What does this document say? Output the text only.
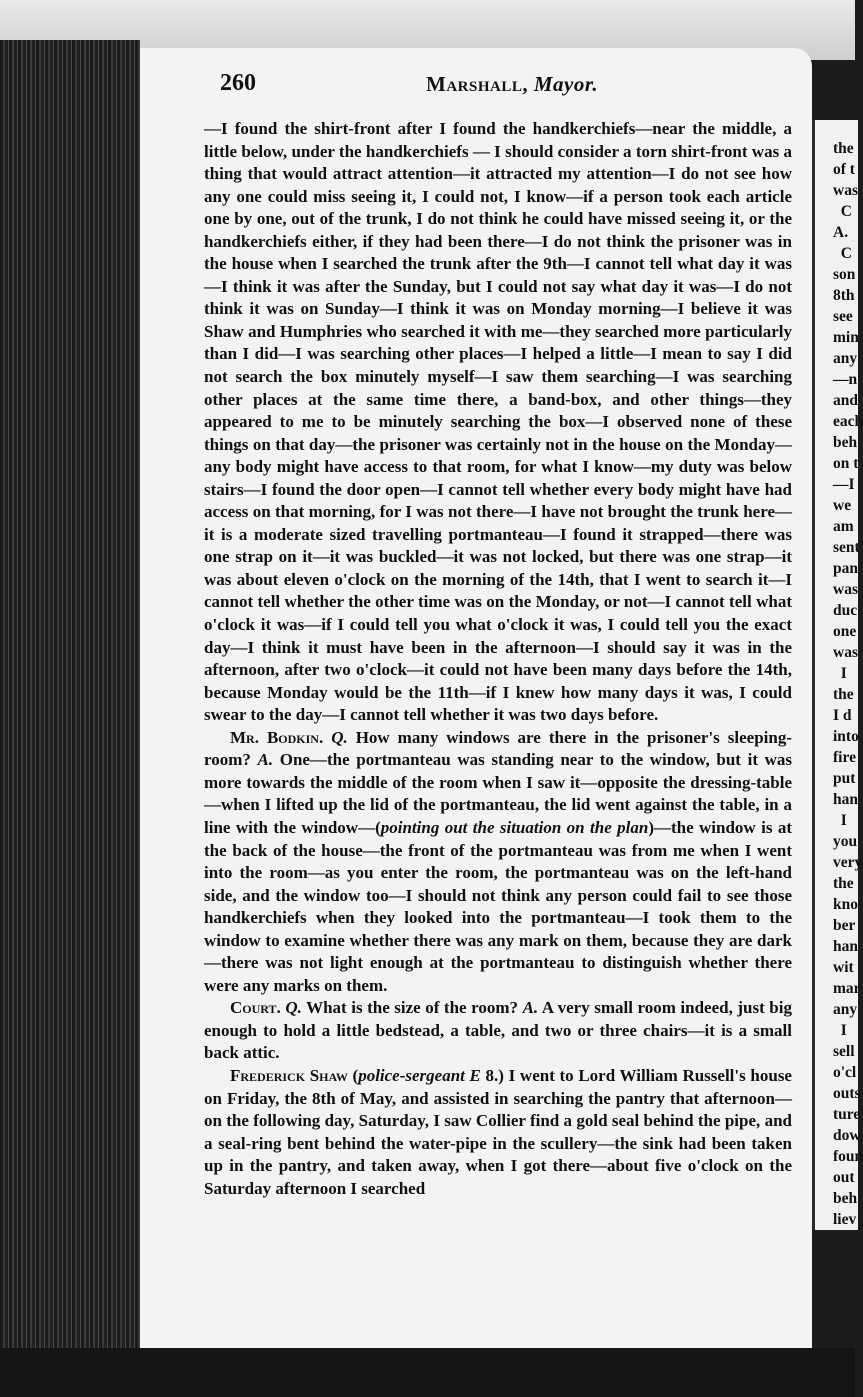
the
of t
was
C
A.
C
son
8th
see
min
any
—n
and
each
beh
on t
—I
we
am
sent
pan
was
duc
one
was
I
the
I d
into
fire
put
han
I
you
very
the
kno
ber
han
wit
mar
any
I
sell
o'cl
outs
ture
dow
foun
out
beh
liev
260	Marshall, Mayor.

—I found the shirt-front after I found the handkerchiefs—near the middle, a little below, under the handkerchiefs — I should consider a torn shirt-front was a thing that would attract attention—it attracted my attention—I do not see how any one could miss seeing it, I could not, I know—if a person took each article one by one, out of the trunk, I do not think he could have missed seeing it, or the handkerchiefs either, if they had been there—I do not think the prisoner was in the house when I searched the trunk after the 9th—I cannot tell what day it was—I think it was after the Sunday, but I could not say what day it was—I do not think it was on Sunday—I think it was on Monday morning—I believe it was Shaw and Humphries who searched it with me—they searched more particularly than I did—I was searching other places—I helped a little—I mean to say I did not search the box minutely myself—I saw them searching—I was searching other places at the same time there, a band-box, and other things—they appeared to me to be minutely searching the box—I observed none of these things on that day—the prisoner was certainly not in the house on the Monday—any body might have access to that room, for what I know—my duty was below stairs—I found the door open—I cannot tell whether every body might have had access on that morning, for I was not there—I have not brought the trunk here—it is a moderate sized travelling portmanteau—I found it strapped—there was one strap on it—it was buckled—it was not locked, but there was one strap—it was about eleven o'clock on the morning of the 14th, that I went to search it—I cannot tell whether the other time was on the Monday, or not—I cannot tell what o'clock it was—if I could tell you what o'clock it was, I could tell you the exact day—I think it must have been in the afternoon—I should say it was in the afternoon, after two o'clock—it could not have been many days before the 14th, because Monday would be the 11th—if I knew how many days it was, I could swear to the day—I cannot tell whether it was two days before.

Mr. Bodkin. Q. How many windows are there in the prisoner's sleeping-room? A. One—the portmanteau was standing near to the window, but it was more towards the middle of the room when I saw it—opposite the dressing-table—when I lifted up the lid of the portmanteau, the lid went against the table, in a line with the window—(pointing out the situation on the plan)—the window is at the back of the house—the front of the portmanteau was from me when I went into the room—as you enter the room, the portmanteau was on the left-hand side, and the window too—I should not think any person could fail to see those handkerchiefs when they looked into the portmanteau—I took them to the window to examine whether there was any mark on them, because they are dark—there was not light enough at the portmanteau to distinguish whether there were any marks on them.

Court. Q. What is the size of the room? A. A very small room indeed, just big enough to hold a little bedstead, a table, and two or three chairs—it is a small back attic.

Frederick Shaw (police-sergeant E 8.) I went to Lord William Russell's house on Friday, the 8th of May, and assisted in searching the pantry that afternoon—on the following day, Saturday, I saw Collier find a gold seal behind the pipe, and a seal-ring bent behind the water-pipe in the scullery—the sink had been taken up in the pantry, and taken away, when I got there—about five o'clock on the Saturday afternoon I searched
